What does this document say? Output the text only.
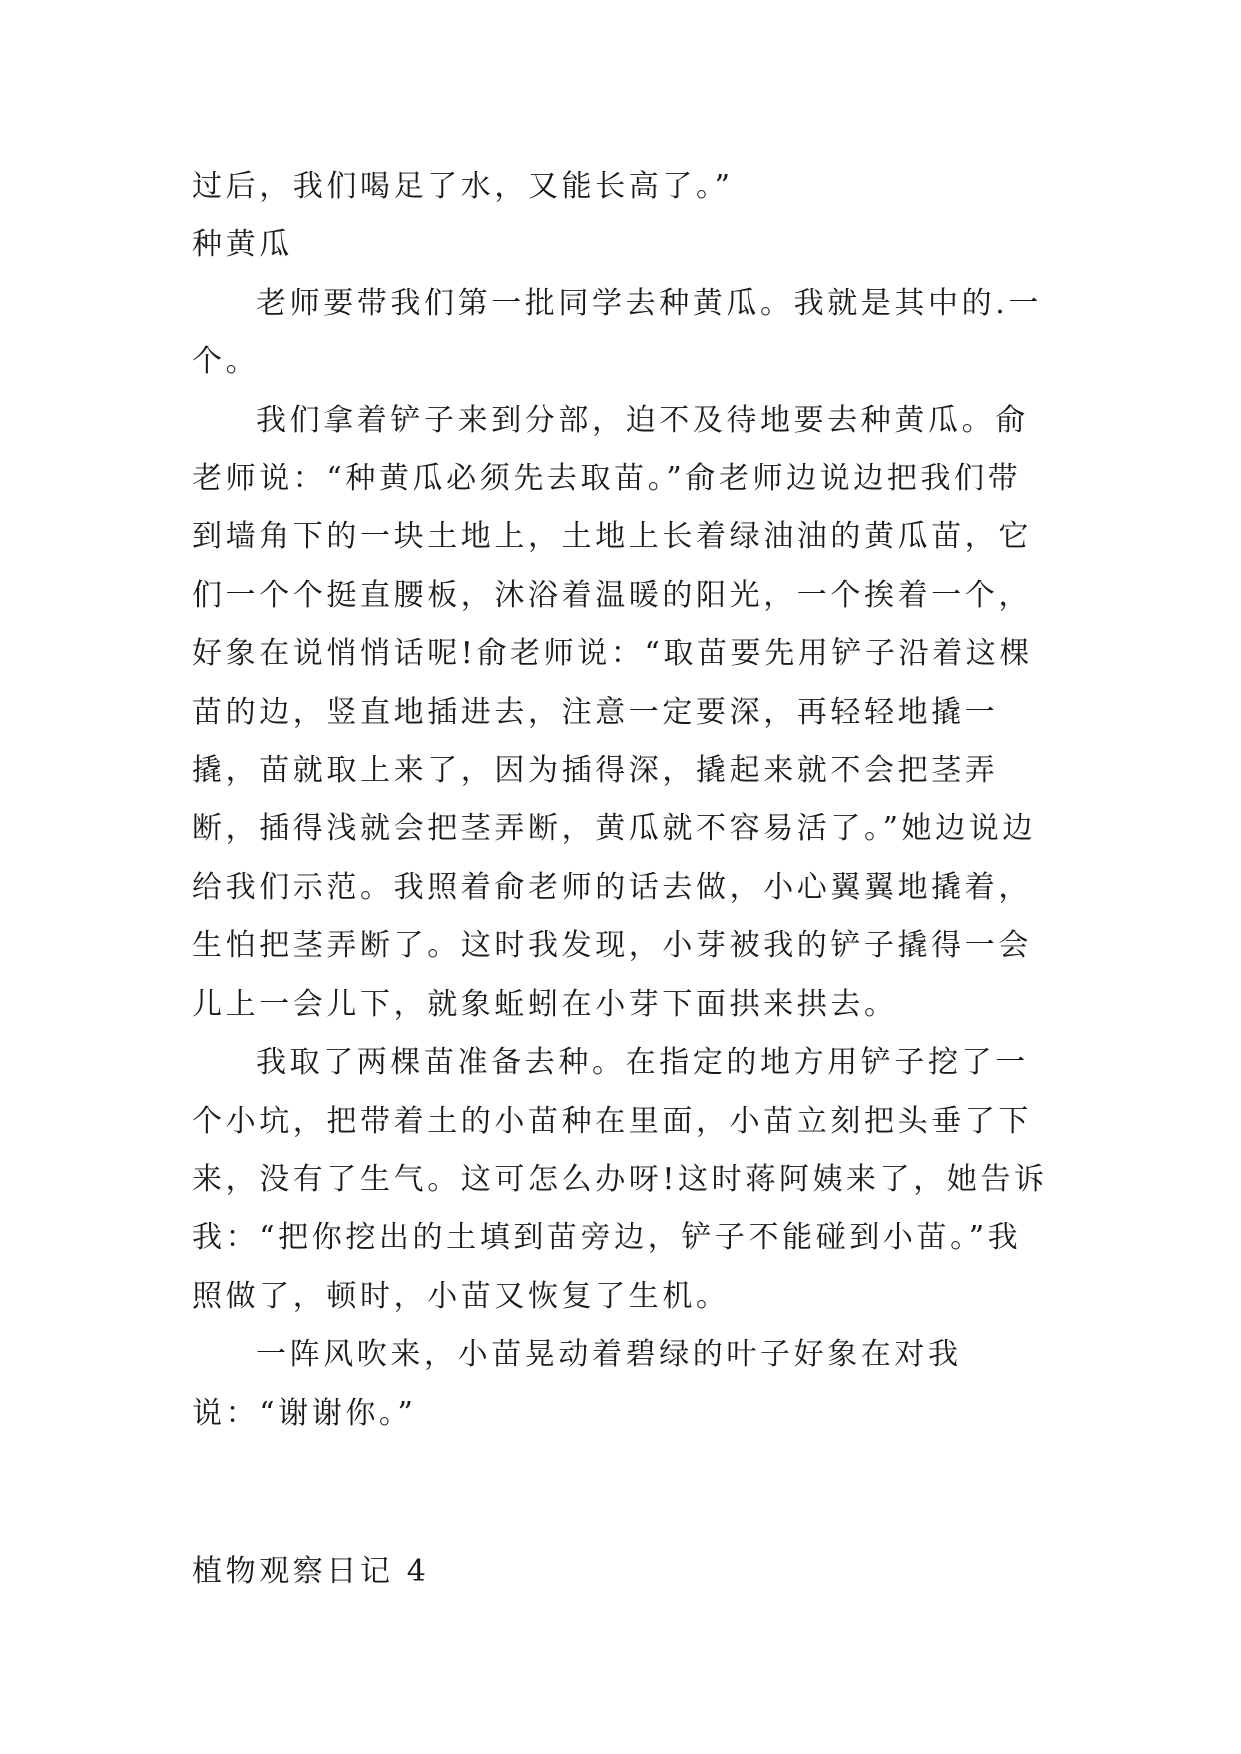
过后，我们喝足了水，又能长高了。”

种黄瓜

老师要带我们第一批同学去种黄瓜。我就是其中的.一个。

我们拿着铲子来到分部，迫不及待地要去种黄瓜。俞老师说：“种黄瓜必须先去取苗。”俞老师边说边把我们带到墙角下的一块土地上，土地上长着绿油油的黄瓜苗，它们一个个挺直腰板，沐浴着温暖的阳光，一个挨着一个，好象在说悄悄话呢!俞老师说：“取苗要先用铲子沿着这棵苗的边，竖直地插进去，注意一定要深，再轻轻地撬一撬，苗就取上来了，因为插得深，撬起来就不会把茎弄断，插得浅就会把茎弄断，黄瓜就不容易活了。”她边说边给我们示范。我照着俞老师的话去做，小心翼翼地撬着，生怕把茎弄断了。这时我发现，小芽被我的铲子撬得一会儿上一会儿下，就象蚯蚓在小芽下面拱来拱去。

我取了两棵苗准备去种。在指定的地方用铲子挖了一个小坑，把带着土的小苗种在里面，小苗立刻把头垂了下来，没有了生气。这可怎么办呀!这时蒋阿姨来了，她告诉我：“把你挖出的土填到苗旁边，铲子不能碰到小苗。”我照做了，顿时，小苗又恢复了生机。

一阵风吹来，小苗晃动着碧绿的叶子好象在对我说：“谢谢你。”

植物观察日记 4
